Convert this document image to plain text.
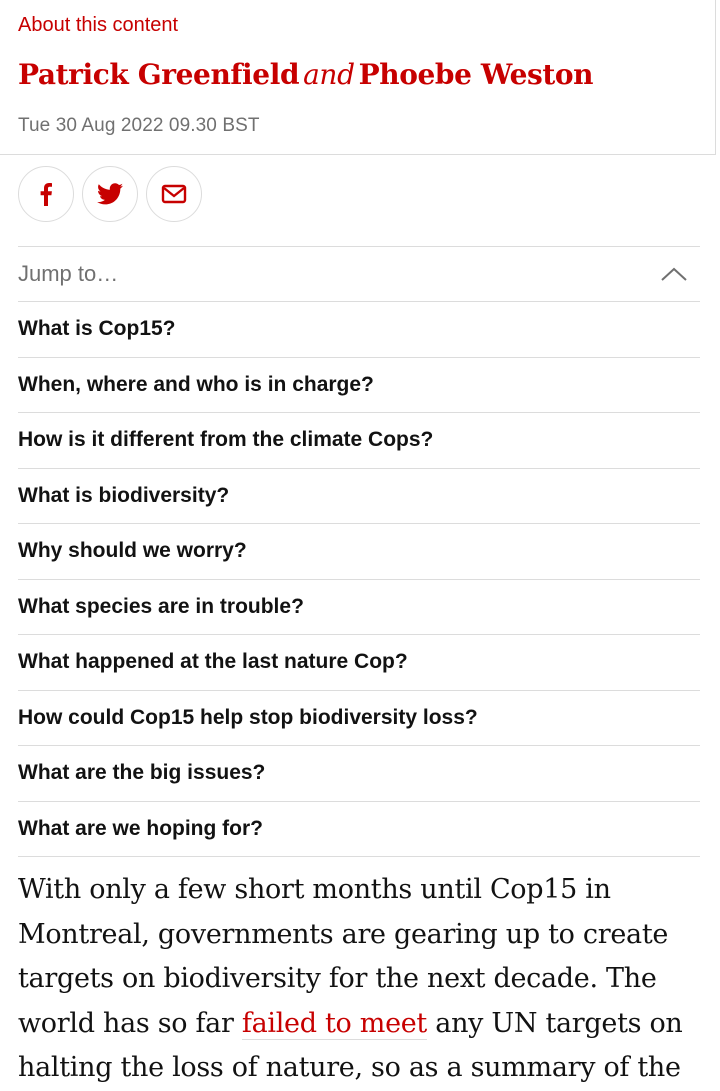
About this content
Patrick Greenfield and Phoebe Weston
Tue 30 Aug 2022 09.30 BST
Jump to…
What is Cop15?
When, where and who is in charge?
How is it different from the climate Cops?
What is biodiversity?
Why should we worry?
What species are in trouble?
What happened at the last nature Cop?
How could Cop15 help stop biodiversity loss?
What are the big issues?
What are we hoping for?
With only a few short months until Cop15 in Montreal, governments are gearing up to create targets on biodiversity for the next decade. The world has so far failed to meet any UN targets on halting the loss of nature, so as a summary of the
